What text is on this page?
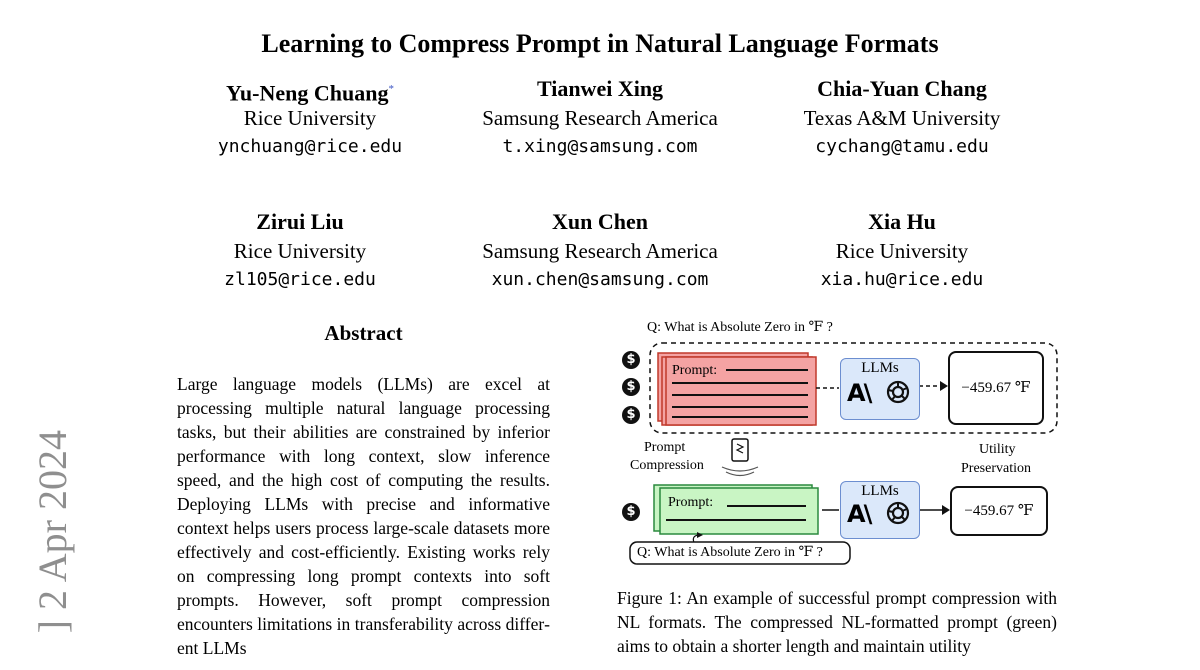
Learning to Compress Prompt in Natural Language Formats
Yu-Neng Chuang*
Rice University
ynchuang@rice.edu
Tianwei Xing
Samsung Research America
t.xing@samsung.com
Chia-Yuan Chang
Texas A&M University
cychang@tamu.edu
Zirui Liu
Rice University
zl105@rice.edu
Xun Chen
Samsung Research America
xun.chen@samsung.com
Xia Hu
Rice University
xia.hu@rice.edu
] 2 Apr 2024
Abstract
Large language models (LLMs) are excel at processing multiple natural language processing tasks, but their abilities are constrained by inferior performance with long context, slow inference speed, and the high cost of computing the results. Deploying LLMs with precise and informative context helps users process large-scale datasets more effectively and cost-efficiently. Existing works rely on compressing long prompt contexts into soft prompts. However, soft prompt compression encounters limitations in transferability across different LLMs
Q: What is Absolute Zero in ℉ ?
$
$
$
$
Prompt:
Prompt:
LLMs
A\
LLMs
A\
−459.67 ℉
−459.67 ℉
Prompt
Compression
Utility
Preservation
Q: What is Absolute Zero in ℉ ?
Figure 1: An example of successful prompt compression with NL formats. The compressed NL-formatted prompt (green) aims to obtain a shorter length and maintain utility
